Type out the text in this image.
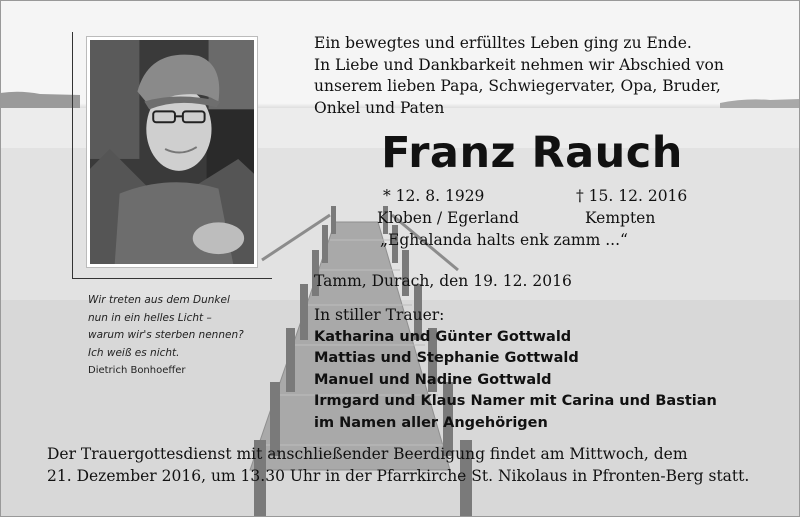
Wir treten aus dem Dunkel
nun in ein helles Licht –
warum wir's sterben nennen?
Ich weiß es nicht.
Dietrich Bonhoeffer
Ein bewegtes und erfülltes Leben ging zu Ende.
In Liebe und Dankbarkeit nehmen wir Abschied von
unserem lieben Papa, Schwiegervater, Opa, Bruder,
Onkel und Paten
Franz Rauch
* 12. 8. 1929	† 15. 12. 2016
Kloben / Egerland	Kempten
„Eghalanda halts enk zamm ...“
Tamm, Durach, den 19. 12. 2016
In stiller Trauer:
Katharina und Günter Gottwald
Mattias und Stephanie Gottwald
Manuel und Nadine Gottwald
Irmgard und Klaus Namer mit Carina und Bastian
im Namen aller Angehörigen
Der Trauergottesdienst mit anschließender Beerdigung findet am Mittwoch, dem
21. Dezember 2016, um 13.30 Uhr in der Pfarrkirche St. Nikolaus in Pfronten-Berg statt.
